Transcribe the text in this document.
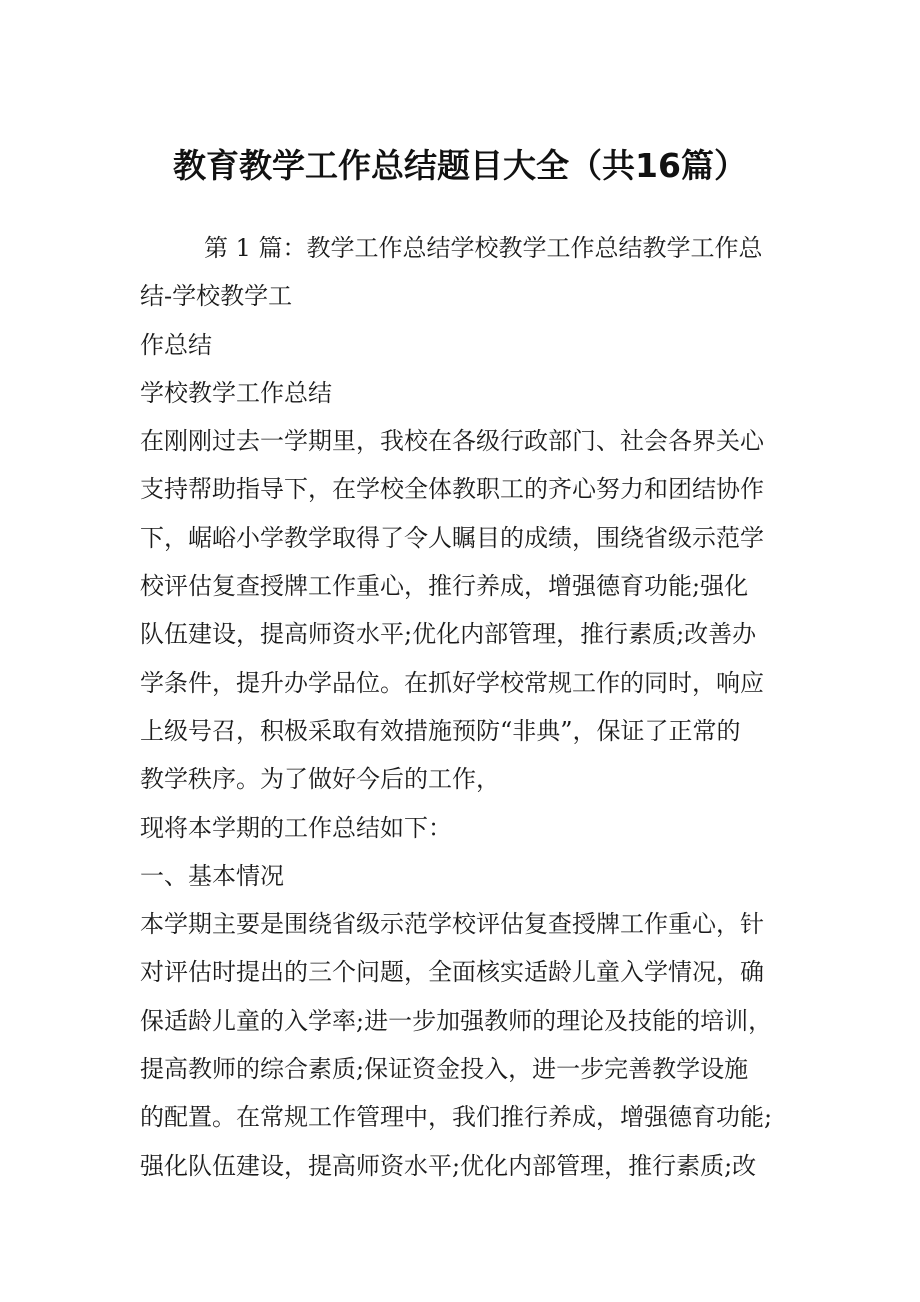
教育教学工作总结题目大全（共16篇）
第 1 篇：教学工作总结学校教学工作总结教学工作总
结-学校教学工
作总结
学校教学工作总结
在刚刚过去一学期里，我校在各级行政部门、社会各界关心
支持帮助指导下，在学校全体教职工的齐心努力和团结协作
下，崌峪小学教学取得了令人瞩目的成绩，围绕省级示范学
校评估复查授牌工作重心，推行养成，增强德育功能;强化
队伍建设，提高师资水平;优化内部管理，推行素质;改善办
学条件，提升办学品位。在抓好学校常规工作的同时，响应
上级号召，积极采取有效措施预防“非典”，保证了正常的
教学秩序。为了做好今后的工作，
现将本学期的工作总结如下：
一、基本情况
本学期主要是围绕省级示范学校评估复查授牌工作重心，针
对评估时提出的三个问题，全面核实适龄儿童入学情况，确
保适龄儿童的入学率;进一步加强教师的理论及技能的培训，
提高教师的综合素质;保证资金投入，进一步完善教学设施
的配置。在常规工作管理中，我们推行养成，增强德育功能;
强化队伍建设，提高师资水平;优化内部管理，推行素质;改
